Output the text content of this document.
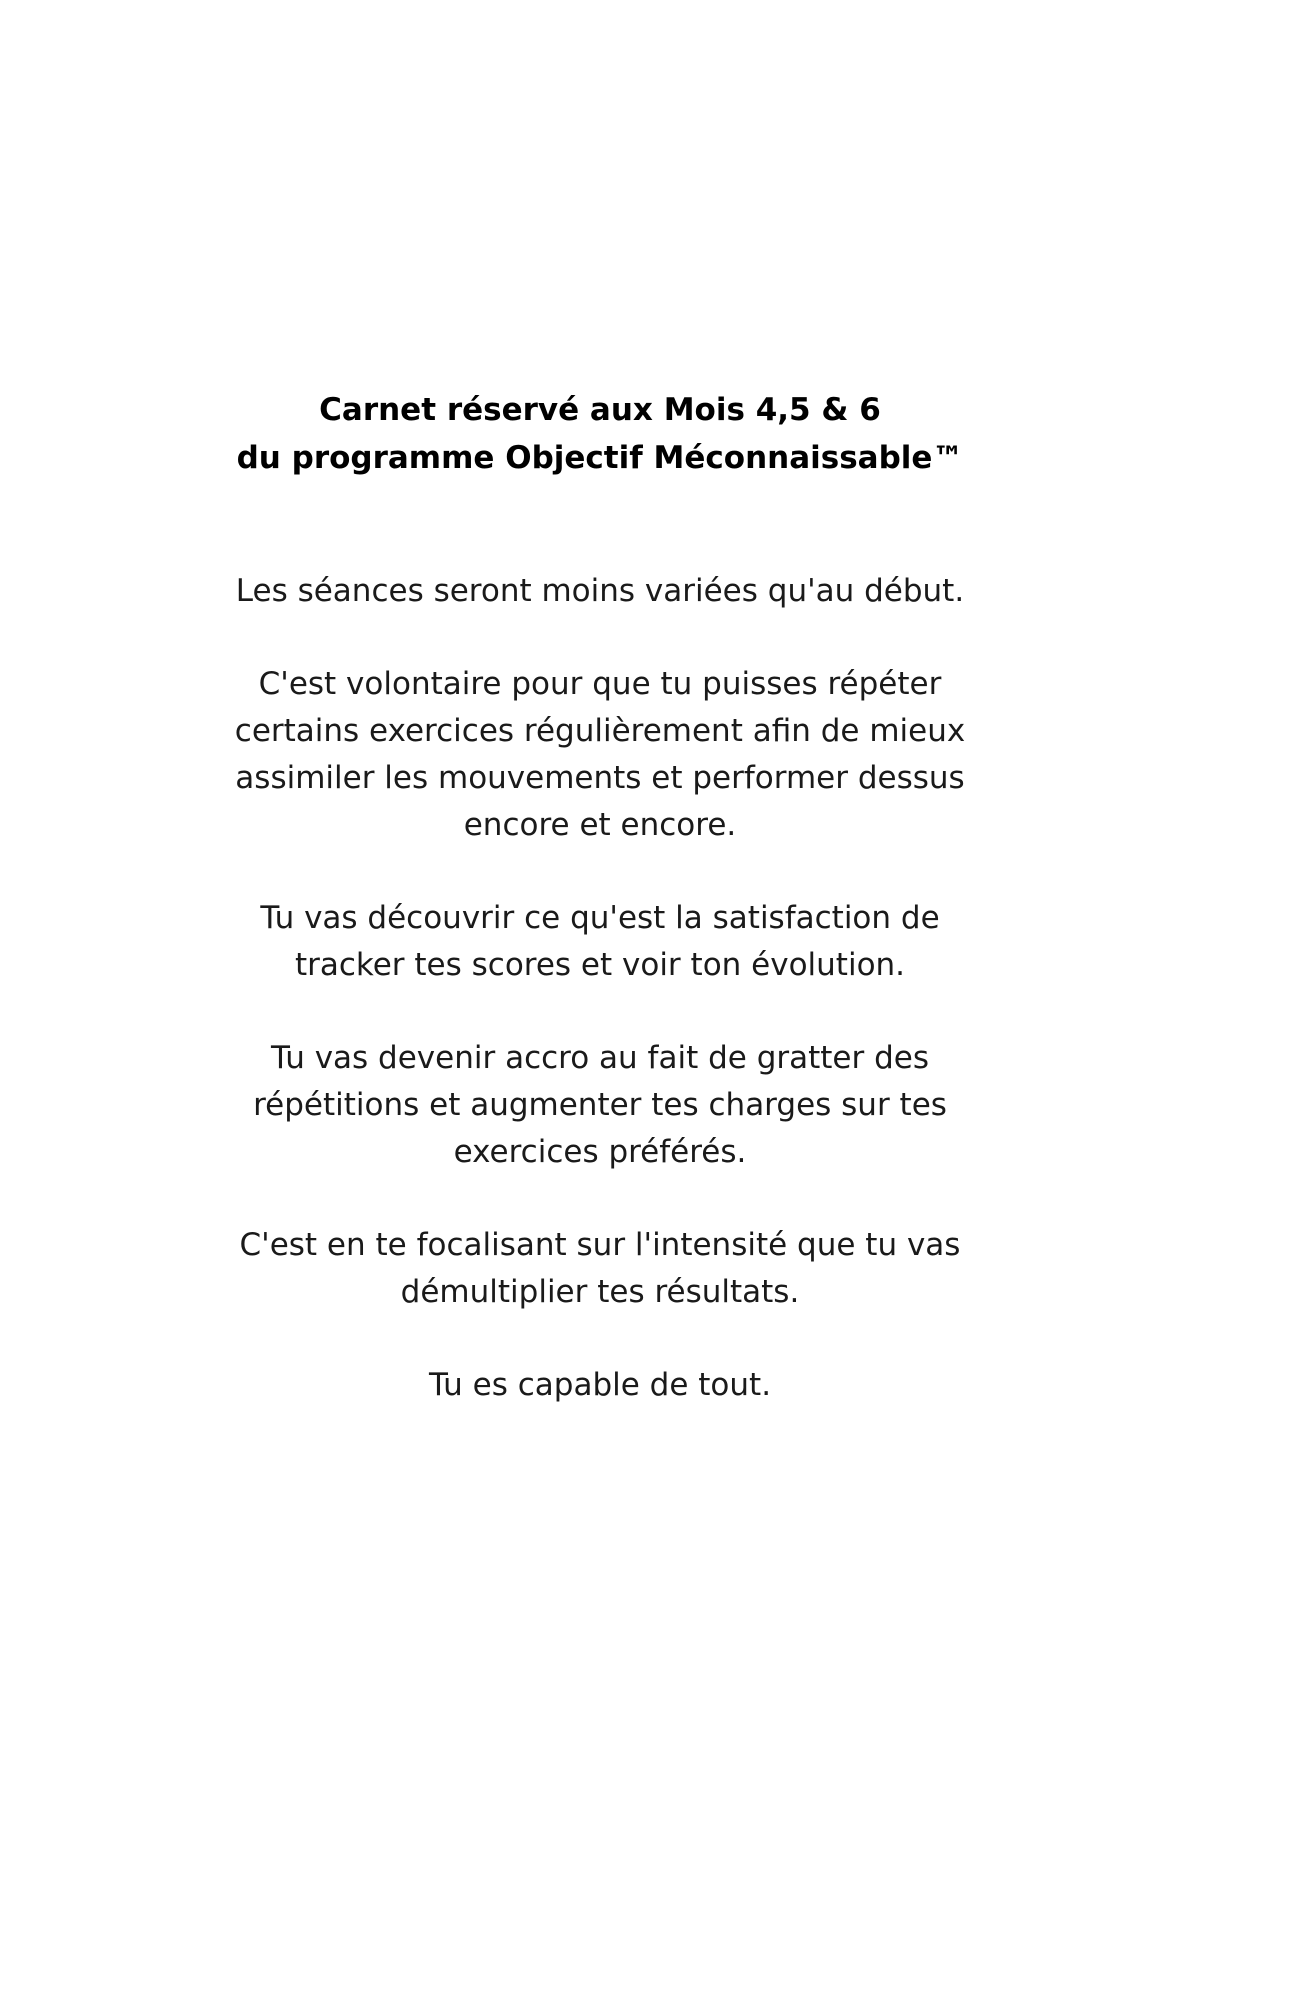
Carnet réservé aux Mois 4,5 & 6
du programme Objectif Méconnaissable™

Les séances seront moins variées qu'au début.

C'est volontaire pour que tu puisses répéter
certains exercices régulièrement afin de mieux
assimiler les mouvements et performer dessus
encore et encore.

Tu vas découvrir ce qu'est la satisfaction de
tracker tes scores et voir ton évolution.

Tu vas devenir accro au fait de gratter des
répétitions et augmenter tes charges sur tes
exercices préférés.

C'est en te focalisant sur l'intensité que tu vas
démultiplier tes résultats.

Tu es capable de tout.
